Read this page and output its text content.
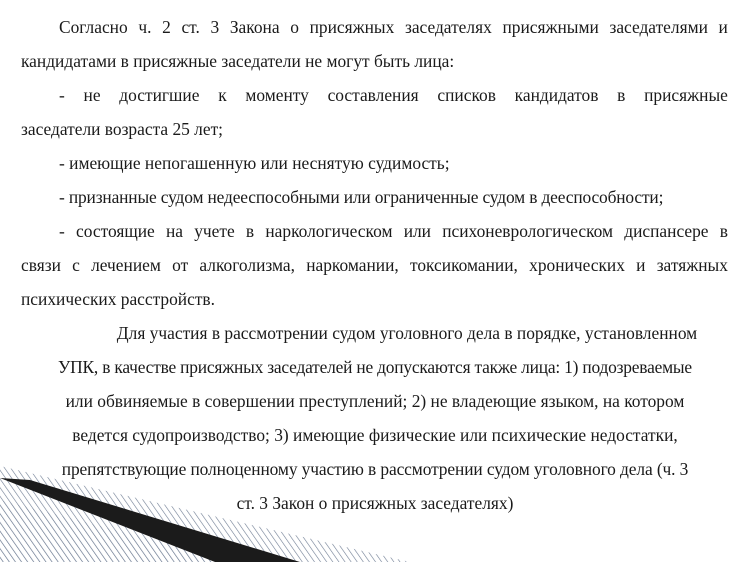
Согласно ч. 2 ст. 3 Закона о присяжных заседателях присяжными заседателями и

кандидатами в присяжные заседатели не могут быть лица:

- не достигшие к моменту составления списков кандидатов в присяжные

заседатели возраста 25 лет;

- имеющие непогашенную или неснятую судимость;

- признанные судом недееспособными или ограниченные судом в дееспособности;

- состоящие на учете в наркологическом или психоневрологическом диспансере в
связи с лечением от алкоголизма, наркомании, токсикомании, хронических и затяжных

психических расстройств.

Для участия в рассмотрении судом уголовного дела в порядке, установленном

УПК, в качестве присяжных заседателей не допускаются также лица: 1) подозреваемые

или обвиняемые в совершении преступлений; 2) не владеющие языком, на котором

ведется судопроизводство; 3) имеющие физические или психические недостатки,

препятствующие полноценному участию в рассмотрении судом уголовного дела (ч. 3

ст. 3 Закон о присяжных заседателях)
